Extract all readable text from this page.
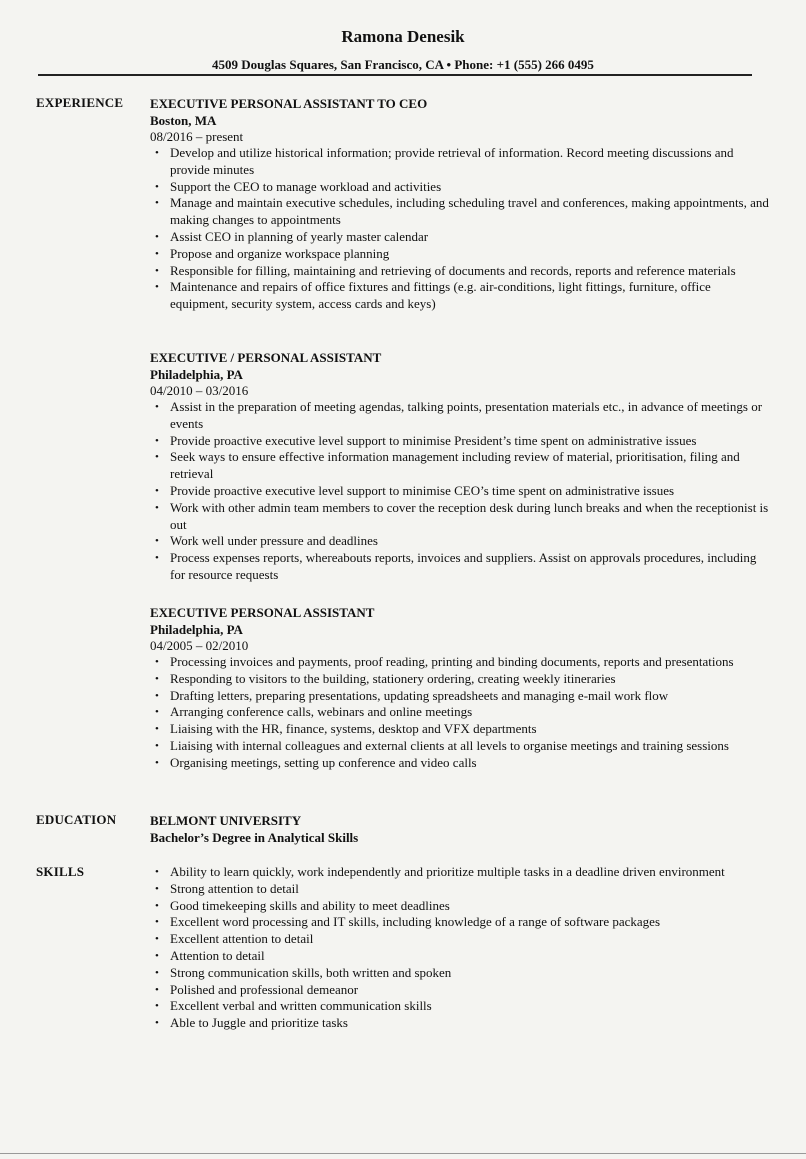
Ramona Denesik
4509 Douglas Squares, San Francisco, CA • Phone: +1 (555) 266 0495
EXPERIENCE EXECUTIVE PERSONAL ASSISTANT TO CEO
Boston, MA
08/2016 – present
• Develop and utilize historical information; provide retrieval of information. Record meeting discussions and provide minutes
• Support the CEO to manage workload and activities
• Manage and maintain executive schedules, including scheduling travel and conferences, making appointments, and making changes to appointments
• Assist CEO in planning of yearly master calendar
• Propose and organize workspace planning
• Responsible for filling, maintaining and retrieving of documents and records, reports and reference materials
• Maintenance and repairs of office fixtures and fittings (e.g. air-conditions, light fittings, furniture, office equipment, security system, access cards and keys)
EXECUTIVE / PERSONAL ASSISTANT
Philadelphia, PA
04/2010 – 03/2016
• Assist in the preparation of meeting agendas, talking points, presentation materials etc., in advance of meetings or events
• Provide proactive executive level support to minimise President’s time spent on administrative issues
• Seek ways to ensure effective information management including review of material, prioritisation, filing and retrieval
• Provide proactive executive level support to minimise CEO’s time spent on administrative issues
• Work with other admin team members to cover the reception desk during lunch breaks and when the receptionist is out
• Work well under pressure and deadlines
• Process expenses reports, whereabouts reports, invoices and suppliers. Assist on approvals procedures, including for resource requests
EXECUTIVE PERSONAL ASSISTANT
Philadelphia, PA
04/2005 – 02/2010
• Processing invoices and payments, proof reading, printing and binding documents, reports and presentations
• Responding to visitors to the building, stationery ordering, creating weekly itineraries
• Drafting letters, preparing presentations, updating spreadsheets and managing e-mail work flow
• Arranging conference calls, webinars and online meetings
• Liaising with the HR, finance, systems, desktop and VFX departments
• Liaising with internal colleagues and external clients at all levels to organise meetings and training sessions
• Organising meetings, setting up conference and video calls
EDUCATION	BELMONT UNIVERSITY
Bachelor’s Degree in Analytical Skills
SKILLS	• Ability to learn quickly, work independently and prioritize multiple tasks in a deadline driven environment
• Strong attention to detail
• Good timekeeping skills and ability to meet deadlines
• Excellent word processing and IT skills, including knowledge of a range of software packages
• Excellent attention to detail
• Attention to detail
• Strong communication skills, both written and spoken
• Polished and professional demeanor
• Excellent verbal and written communication skills
• Able to Juggle and prioritize tasks
